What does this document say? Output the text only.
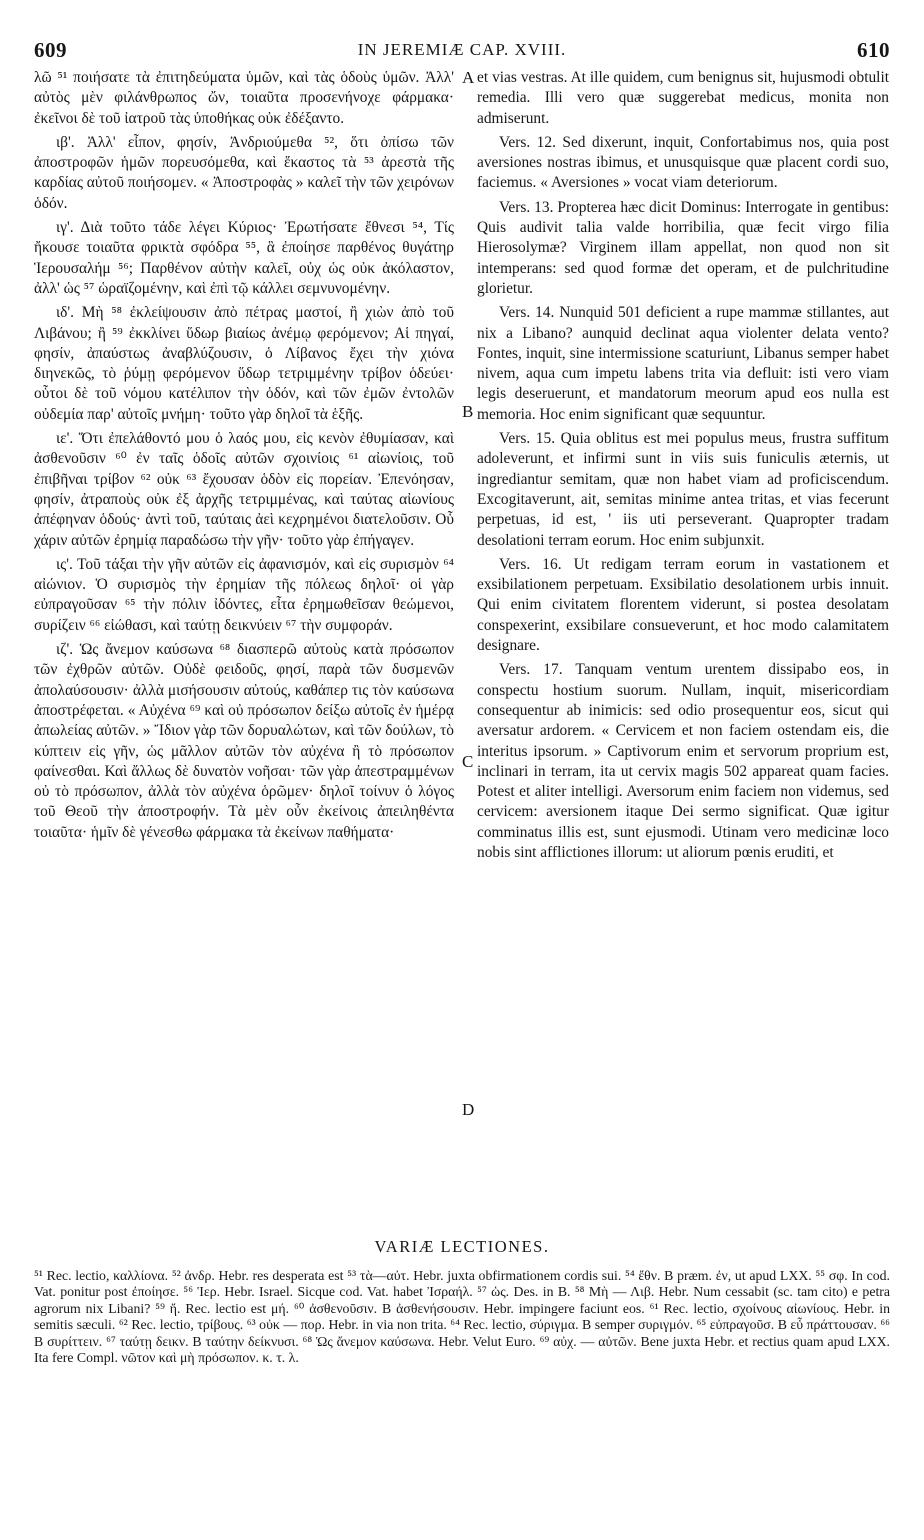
609	IN JEREMIÆ CAP. XVIII.	610

λῶ ⁵¹ ποιήσατε τὰ ἐπιτηδεύματα ὑμῶν, καὶ τὰς ὁδοὺς ὑμῶν. Ἀλλ' αὐτὸς μὲν φιλάνθρωπος ὤν, τοιαῦτα προσενήνοχε φάρμακα· ἐκεῖνοι δὲ τοῦ ἰατροῦ τὰς ὑποθήκας οὐκ ἐδέξαντο.

ιβ'. Ἀλλ' εἶπον, φησίν, Ἀνδριούμεθα ⁵², ὅτι ὀπίσω τῶν ἀποστροφῶν ἡμῶν πορευσόμεθα, καὶ ἕκαστος τὰ ⁵³ ἀρεστὰ τῆς καρδίας αὐτοῦ ποιήσομεν. « Ἀποστροφὰς » καλεῖ τὴν τῶν χειρόνων ὁδόν.

ιγ'. Διὰ τοῦτο τάδε λέγει Κύριος· Ἐρωτήσατε ἔθνεσι ⁵⁴, Τίς ἤκουσε τοιαῦτα φρικτὰ σφόδρα ⁵⁵, ἃ ἐποίησε παρθένος θυγάτηρ Ἱερουσαλήμ ⁵⁶; Παρθένον αὐτὴν καλεῖ, οὐχ ὡς οὐκ ἀκόλαστον, ἀλλ' ὡς ⁵⁷ ὡραϊζομένην, καὶ ἐπὶ τῷ κάλλει σεμνυνομένην.

ιδ'. Μὴ ⁵⁸ ἐκλείψουσιν ἀπὸ πέτρας μαστοί, ἢ χιὼν ἀπὸ τοῦ Λιβάνου; ἢ ⁵⁹ ἐκκλίνει ὕδωρ βιαίως ἀνέμῳ φερόμενον; Αἱ πηγαί, φησίν, ἀπαύστως ἀναβλύζουσιν, ὁ Λίβανος ἔχει τὴν χιόνα διηνεκῶς, τὸ ῥύμῃ φερόμενον ὕδωρ τετριμμένην τρίβον ὁδεύει· οὗτοι δὲ τοῦ νόμου κατέλιπον τὴν ὁδόν, καὶ τῶν ἐμῶν ἐντολῶν οὐδεμία παρ' αὐτοῖς μνήμη· τοῦτο γὰρ δηλοῖ τὰ ἑξῆς.

ιε'. Ὅτι ἐπελάθοντό μου ὁ λαός μου, εἰς κενὸν ἐθυμίασαν, καὶ ἀσθενοῦσιν ⁶⁰ ἐν ταῖς ὁδοῖς αὐτῶν σχοινίοις ⁶¹ αἰωνίοις, τοῦ ἐπιβῆναι τρίβον ⁶² οὐκ ⁶³ ἔχουσαν ὁδὸν εἰς πορείαν. Ἐπενόησαν, φησίν, ἀτραποὺς οὐκ ἐξ ἀρχῆς τετριμμένας, καὶ ταύτας αἰωνίους ἀπέφηναν ὁδούς· ἀντὶ τοῦ, ταύταις ἀεὶ κεχρημένοι διατελοῦσιν. Οὗ χάριν αὐτῶν ἐρημίᾳ παραδώσω τὴν γῆν· τοῦτο γὰρ ἐπήγαγεν.

ις'. Τοῦ τάξαι τὴν γῆν αὐτῶν εἰς ἀφανισμόν, καὶ εἰς συρισμὸν ⁶⁴ αἰώνιον. Ὁ συρισμὸς τὴν ἐρημίαν τῆς πόλεως δηλοῖ· οἱ γὰρ εὐπραγοῦσαν ⁶⁵ τὴν πόλιν ἰδόντες, εἶτα ἐρημωθεῖσαν θεώμενοι, συρίζειν ⁶⁶ εἰώθασι, καὶ ταύτῃ δεικνύειν ⁶⁷ τὴν συμφοράν.

ιζ'. Ὡς ἄνεμον καύσωνα ⁶⁸ διασπερῶ αὐτοὺς κατὰ πρόσωπον τῶν ἐχθρῶν αὐτῶν. Οὐδὲ φειδοῦς, φησί, παρὰ τῶν δυσμενῶν ἀπολαύσουσιν· ἀλλὰ μισήσουσιν αὐτούς, καθάπερ τις τὸν καύσωνα ἀποστρέφεται. « Αὐχένα ⁶⁹ καὶ οὐ πρόσωπον δείξω αὐτοῖς ἐν ἡμέρᾳ ἀπωλείας αὐτῶν. » Ἴδιον γὰρ τῶν δορυαλώτων, καὶ τῶν δούλων, τὸ κύπτειν εἰς γῆν, ὡς μᾶλλον αὐτῶν τὸν αὐχένα ἢ τὸ πρόσωπον φαίνεσθαι. Καὶ ἄλλως δὲ δυνατὸν νοῆσαι· τῶν γὰρ ἀπεστραμμένων οὐ τὸ πρόσωπον, ἀλλὰ τὸν αὐχένα ὁρῶμεν· δηλοῖ τοίνυν ὁ λόγος τοῦ Θεοῦ τὴν ἀποστροφήν. Τὰ μὲν οὖν ἐκείνοις ἀπειληθέντα τοιαῦτα· ἡμῖν δὲ γένεσθω φάρμακα τὰ ἐκείνων παθήματα·

et vias vestras. At ille quidem, cum benignus sit, hujusmodi obtulit remedia. Illi vero quæ suggerebat medicus, monita non admiserunt.

Vers. 12. Sed dixerunt, inquit, Confortabimus nos, quia post aversiones nostras ibimus, et unusquisque quæ placent cordi suo, faciemus. « Aversiones » vocat viam deteriorum.

Vers. 13. Propterea hæc dicit Dominus: Interrogate in gentibus: Quis audivit talia valde horribilia, quæ fecit virgo filia Hierosolymæ? Virginem illam appellat, non quod non sit intemperans: sed quod formæ det operam, et de pulchritudine glorietur.

Vers. 14. Nunquid 501 deficient a rupe mammæ stillantes, aut nix a Libano? aunquid declinat aqua violenter delata vento? Fontes, inquit, sine intermissione scaturiunt, Libanus semper habet nivem, aqua cum impetu labens trita via defluit: isti vero viam legis deseruerunt, et mandatorum meorum apud eos nulla est memoria. Hoc enim significant quæ sequuntur.

Vers. 15. Quia oblitus est mei populus meus, frustra suffitum adoleverunt, et infirmi sunt in viis suis funiculis æternis, ut ingrediantur semitam, quæ non habet viam ad proficiscendum. Excogitaverunt, ait, semitas minime antea tritas, et vias fecerunt perpetuas, id est, ' iis uti perseverant. Quapropter tradam desolationi terram eorum. Hoc enim subjunxit.

Vers. 16. Ut redigam terram eorum in vastationem et exsibilationem perpetuam. Exsibilatio desolationem urbis innuit. Qui enim civitatem florentem viderunt, si postea desolatam conspexerint, exsibilare consueverunt, et hoc modo calamitatem designare.

Vers. 17. Tanquam ventum urentem dissipabo eos, in conspectu hostium suorum. Nullam, inquit, misericordiam consequentur ab inimicis: sed odio prosequentur eos, sicut qui aversatur ardorem. « Cervicem et non faciem ostendam eis, die interitus ipsorum. » Captivorum enim et servorum proprium est, inclinari in terram, ita ut cervix magis 502 appareat quam facies. Potest et aliter intelligi. Aversorum enim faciem non videmus, sed cervicem: aversionem itaque Dei sermo significat. Quæ igitur comminatus illis est, sunt ejusmodi. Utinam vero medicinæ loco nobis sint afflictiones illorum: ut aliorum pœnis eruditi, et

A
B
C
D
VARIÆ LECTIONES.

⁵¹ Rec. lectio, καλλίονα. ⁵² ἀνδρ. Hebr. res desperata est ⁵³ τὰ—αὐτ. Hebr. juxta obfirmationem cordis sui. ⁵⁴ ἔθν. B præm. ἐν, ut apud LXX. ⁵⁵ σφ. In cod. Vat. ponitur post ἐποίησε. ⁵⁶ Ἱερ. Hebr. Israel. Sicque cod. Vat. habet Ἰσραήλ. ⁵⁷ ὡς. Des. in B. ⁵⁸ Μὴ — Λιβ. Hebr. Num cessabit (sc. tam cito) e petra agrorum nix Libani? ⁵⁹ ἤ. Rec. lectio est μή. ⁶⁰ ἀσθενοῦσιν. B ἀσθενήσουσιν. Hebr. impingere faciunt eos. ⁶¹ Rec. lectio, σχοίνους αἰωνίους. Hebr. in semitis sæculi. ⁶² Rec. lectio, τρίβους. ⁶³ οὐκ — πορ. Hebr. in via non trita. ⁶⁴ Rec. lectio, σύριγμα. B semper συριγμόν. ⁶⁵ εὐπραγοῦσ. B εὖ πράττουσαν. ⁶⁶ B συρίττειν. ⁶⁷ ταύτῃ δεικν. B ταύτην δείκνυσι. ⁶⁸ Ὡς ἄνεμον καύσωνα. Hebr. Velut Euro. ⁶⁹ αὐχ. — αὐτῶν. Bene juxta Hebr. et rectius quam apud LXX. Ita fere Compl. νῶτον καὶ μὴ πρόσωπον. κ. τ. λ.
